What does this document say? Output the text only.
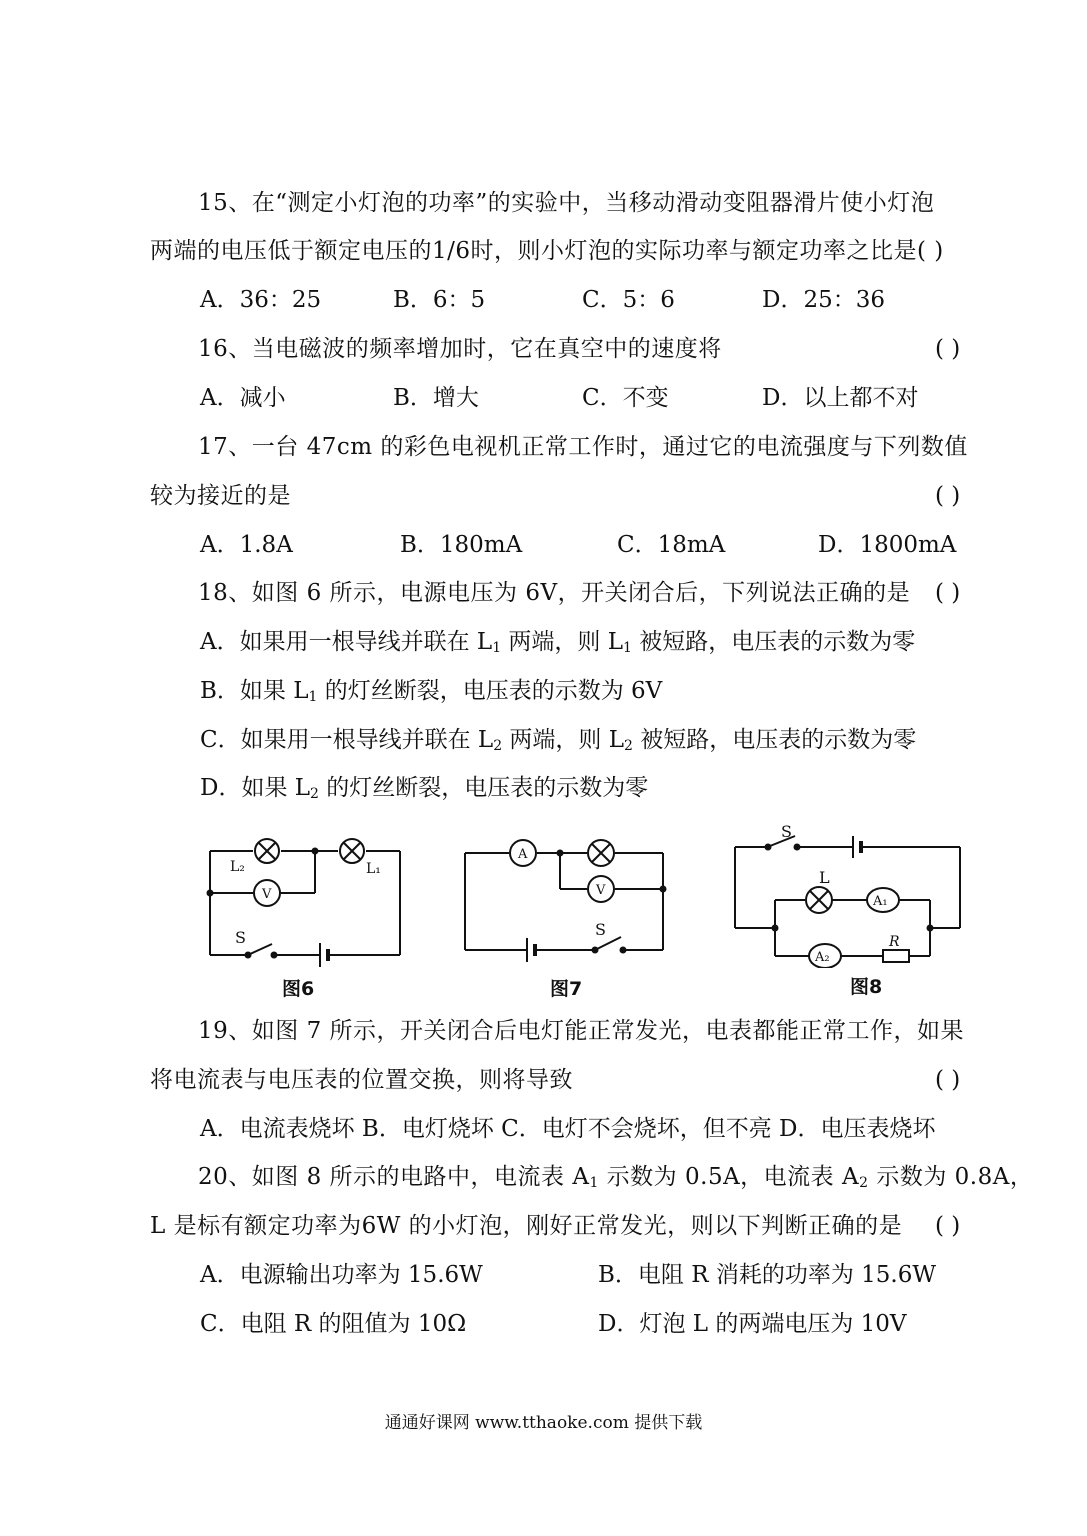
15、在“测定小灯泡的功率”的实验中，当移动滑动变阻器滑片使小灯泡
两端的电压低于额定电压的1/6时，则小灯泡的实际功率与额定功率之比是( )
A．36：25	B．6：5	C．5：6	D．25：36
16、当电磁波的频率增加时，它在真空中的速度将	( )
A．减小	B．增大	C．不变	D．以上都不对
17、一台 47cm 的彩色电视机正常工作时，通过它的电流强度与下列数值
较为接近的是	( )
A．1.8A	B．180mA	C．18mA	D．1800mA
18、如图 6 所示，电源电压为 6V，开关闭合后，下列说法正确的是 ( )
A．如果用一根导线并联在 $L_1$ 两端，则 $L_1$ 被短路，电压表的示数为零
B．如果 $L_1$ 的灯丝断裂，电压表的示数为 6V
C．如果用一根导线并联在 $L_2$ 两端，则 $L_2$ 被短路，电压表的示数为零
D．如果 $L_2$ 的灯丝断裂，电压表的示数为零
L₂	L₁
V
S
图6
A
V
S
图7
S
L
A₁
A₂
R
图8
19、如图 7 所示，开关闭合后电灯能正常发光，电表都能正常工作，如果
将电流表与电压表的位置交换，则将导致	( )
A．电流表烧坏 B．电灯烧坏 C．电灯不会烧坏，但不亮 D．电压表烧坏
20、如图 8 所示的电路中，电流表 $A_1$ 示数为 0.5A，电流表 $A_2$ 示数为 0.8A，
L 是标有额定功率为6W 的小灯泡，刚好正常发光，则以下判断正确的是 ( )
A．电源输出功率为 15.6W	B．电阻 R 消耗的功率为 15.6W
C．电阻 R 的阻值为 10Ω	D．灯泡 L 的两端电压为 10V
通通好课网 www.tthaoke.com 提供下载
